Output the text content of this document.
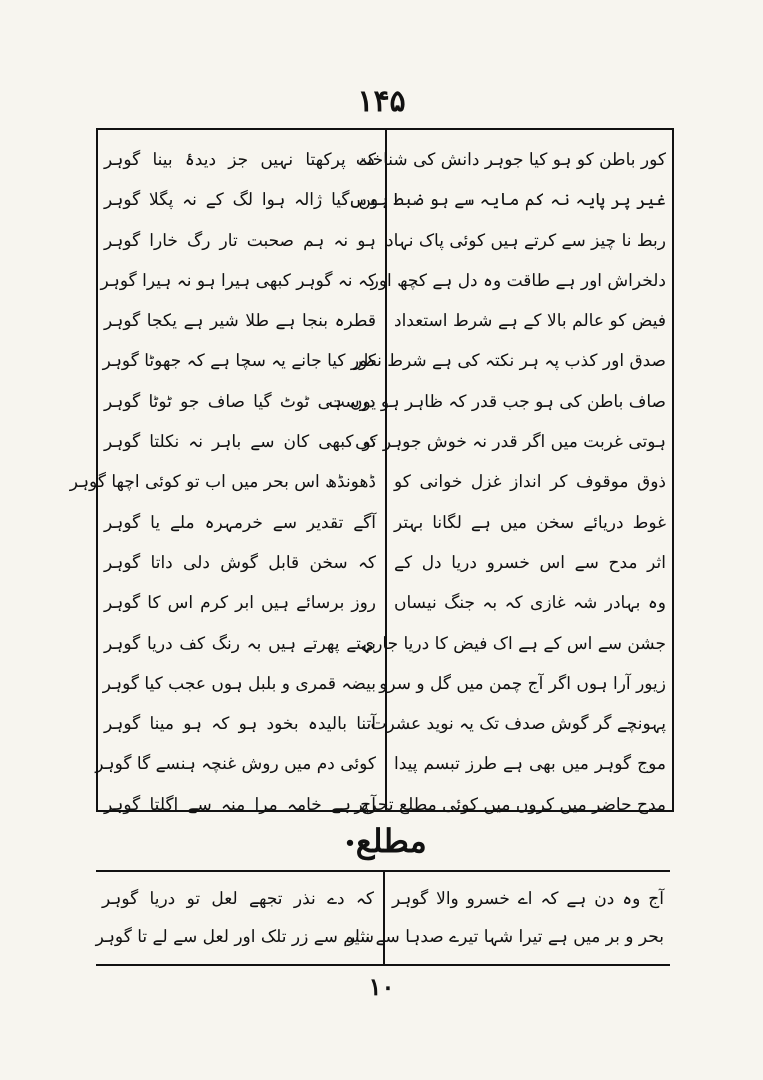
۱۴۵
کور باطن کو ہو کیا جوہر دانش کی شناخت
غیر پر پایہ نہ کم مایہ سے ہو ضبط ہوس
ربط نا چیز سے کرتے ہیں کوئی پاک نہاد
دلخراش اور ہے طاقت وہ دل ہے کچھ اور
فیض کو عالم بالا کے ہے شرط استعداد
صدق اور کذب پہ ہر نکتہ کی ہے شرط نظر
صاف باطن کی ہو جب قدر کہ ظاہر ہو درست
ہوتی غربت میں اگر قدر نہ خوش جوہر کی
ذوق موقوف کر انداز غزل خوانی کو
غوط دریائے سخن میں ہے لگانا بہتر
اثر مدح سے اس خسرو دریا دل کے
وہ بہادر شہ غازی کہ بہ جنگ نیساں
جشن سے اس کے ہے اک فیض کا دریا جاری
زیور آرا ہوں اگر آج چمن میں گل و سرو
پہونچے گر گوش صدف تک یہ نوید عشرت
موج گوہر میں بھی ہے طرز تبسم پیدا
مدح حاضر میں کروں میں کوئی مطلع تحریر
کہ پرکھتا نہیں جز دیدۂ بینا گوہر
بن گیا ژالہ ہوا لگ کے نہ پگلا گوہر
ہو نہ ہم صحبت تار رگ خارا گوہر
کہ نہ گوہر کبھی ہیرا ہو نہ ہیرا گوہر
قطرہ بنجا ہے طلا شیر ہے یکجا گوہر
کور کیا جانے یہ سچا ہے کہ جھوٹا گوہر
یوں ہی ٹوٹ گیا صاف جو ٹوٹا گوہر
تو کبھی کان سے باہر نہ نکلتا گوہر
ڈھونڈھ اس بحر میں اب تو کوئی اچھا گوہر
آگے تقدیر سے خرمہرہ ملے یا گوہر
کہ سخن قابل گوش دلی داتا گوہر
روز برسائے ہیں ابر کرم اس کا گوہر
بہتے پھرتے ہیں بہ رنگ کف دریا گوہر
بیضہ قمری و بلبل ہوں عجب کیا گوہر
آتنا بالیدہ بخود ہو کہ ہو مینا گوہر
کوئی دم میں روش غنچہ ہنسے گا گوہر
آج ہے خامہ مرا منہ سے اگلتا گوہر
مطلع•
آج وہ دن ہے کہ اے خسرو والا گوہر
بحر و بر میں ہے تیرا شہا تیرے صدہا سے نثار
کہ دے نذر تجھے لعل تو دریا گوہر
سیم سے زر تلک اور لعل سے لے تا گوہر
۱۰
